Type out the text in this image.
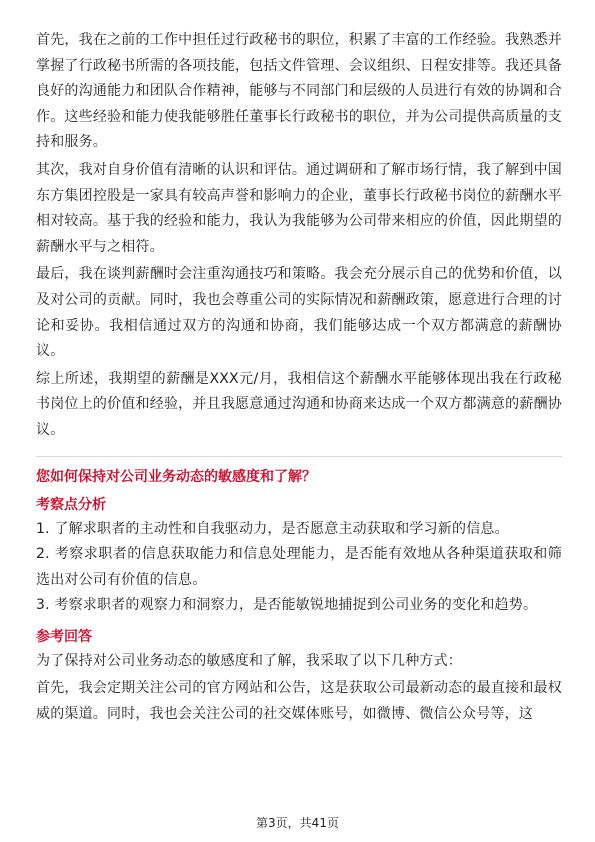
首先，我在之前的工作中担任过行政秘书的职位，积累了丰富的工作经验。我熟悉并掌握了行政秘书所需的各项技能，包括文件管理、会议组织、日程安排等。我还具备良好的沟通能力和团队合作精神，能够与不同部门和层级的人员进行有效的协调和合作。这些经验和能力使我能够胜任董事长行政秘书的职位，并为公司提供高质量的支持和服务。

其次，我对自身价值有清晰的认识和评估。通过调研和了解市场行情，我了解到中国东方集团控股是一家具有较高声誉和影响力的企业，董事长行政秘书岗位的薪酬水平相对较高。基于我的经验和能力，我认为我能够为公司带来相应的价值，因此期望的薪酬水平与之相符。

最后，我在谈判薪酬时会注重沟通技巧和策略。我会充分展示自己的优势和价值，以及对公司的贡献。同时，我也会尊重公司的实际情况和薪酬政策，愿意进行合理的讨论和妥协。我相信通过双方的沟通和协商，我们能够达成一个双方都满意的薪酬协议。

综上所述，我期望的薪酬是XXX元/月，我相信这个薪酬水平能够体现出我在行政秘书岗位上的价值和经验，并且我愿意通过沟通和协商来达成一个双方都满意的薪酬协议。

您如何保持对公司业务动态的敏感度和了解？
考察点分析

1. 了解求职者的主动性和自我驱动力，是否愿意主动获取和学习新的信息。

2. 考察求职者的信息获取能力和信息处理能力，是否能有效地从各种渠道获取和筛选出对公司有价值的信息。

3. 考察求职者的观察力和洞察力，是否能敏锐地捕捉到公司业务的变化和趋势。

参考回答

为了保持对公司业务动态的敏感度和了解，我采取了以下几种方式：

首先，我会定期关注公司的官方网站和公告，这是获取公司最新动态的最直接和最权威的渠道。同时，我也会关注公司的社交媒体账号，如微博、微信公众号等，这

第3页，共41页
